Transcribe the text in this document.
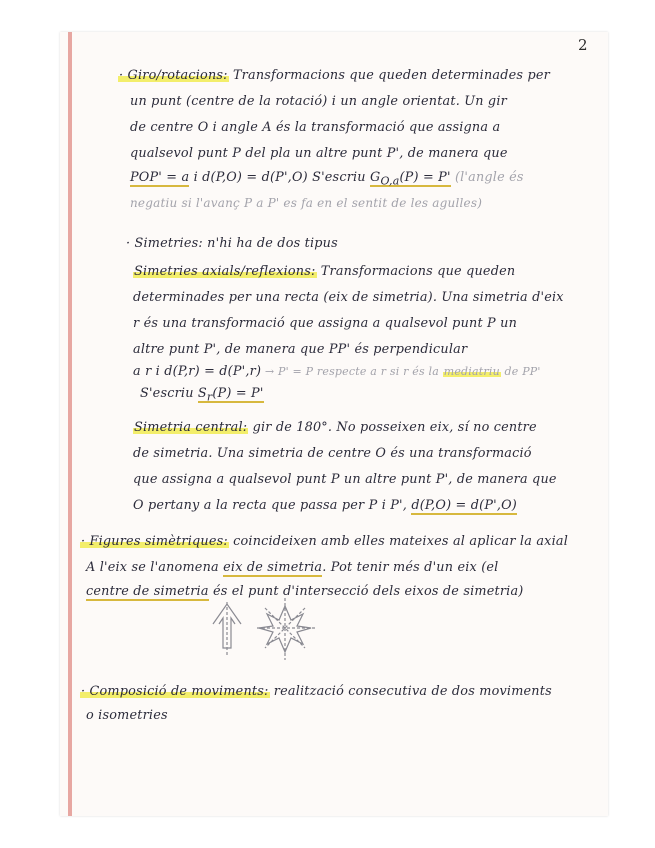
2
· Giro/rotacions: Transformacions que queden determinades per
un punt (centre de la rotació) i un angle orientat. Un gir
de centre O i angle A és la transformació que assigna a
qualsevol punt P del pla un altre punt P', de manera que
POP' = a i d(P,O) = d(P',O) S'escriu $G_{O,a}(P) = P'$ (l'angle és
negatiu si l'avanç P a P' es fa en el sentit de les agulles)
· Simetries: n'hi ha de dos tipus
Simetries axials/reflexions: Transformacions que queden
determinades per una recta (eix de simetria). Una simetria d'eix
r és una transformació que assigna a qualsevol punt P un
altre punt P', de manera que PP' és perpendicular
a r i d(P,r) = d(P',r) → P' = P respecte a r si r és la mediatriu de PP'
S'escriu $S_r(P) = P'$
Simetria central: gir de 180°. No posseixen eix, sí no centre
de simetria. Una simetria de centre O és una transformació
que assigna a qualsevol punt P un altre punt P', de manera que
O pertany a la recta que passa per P i P', d(P,O) = d(P',O)
· Figures simètriques: coincideixen amb elles mateixes al aplicar la axial
A l'eix se l'anomena eix de simetria. Pot tenir més d'un eix (el
centre de simetria és el punt d'intersecció dels eixos de simetria)
· Composició de moviments: realització consecutiva de dos moviments
o isometries
